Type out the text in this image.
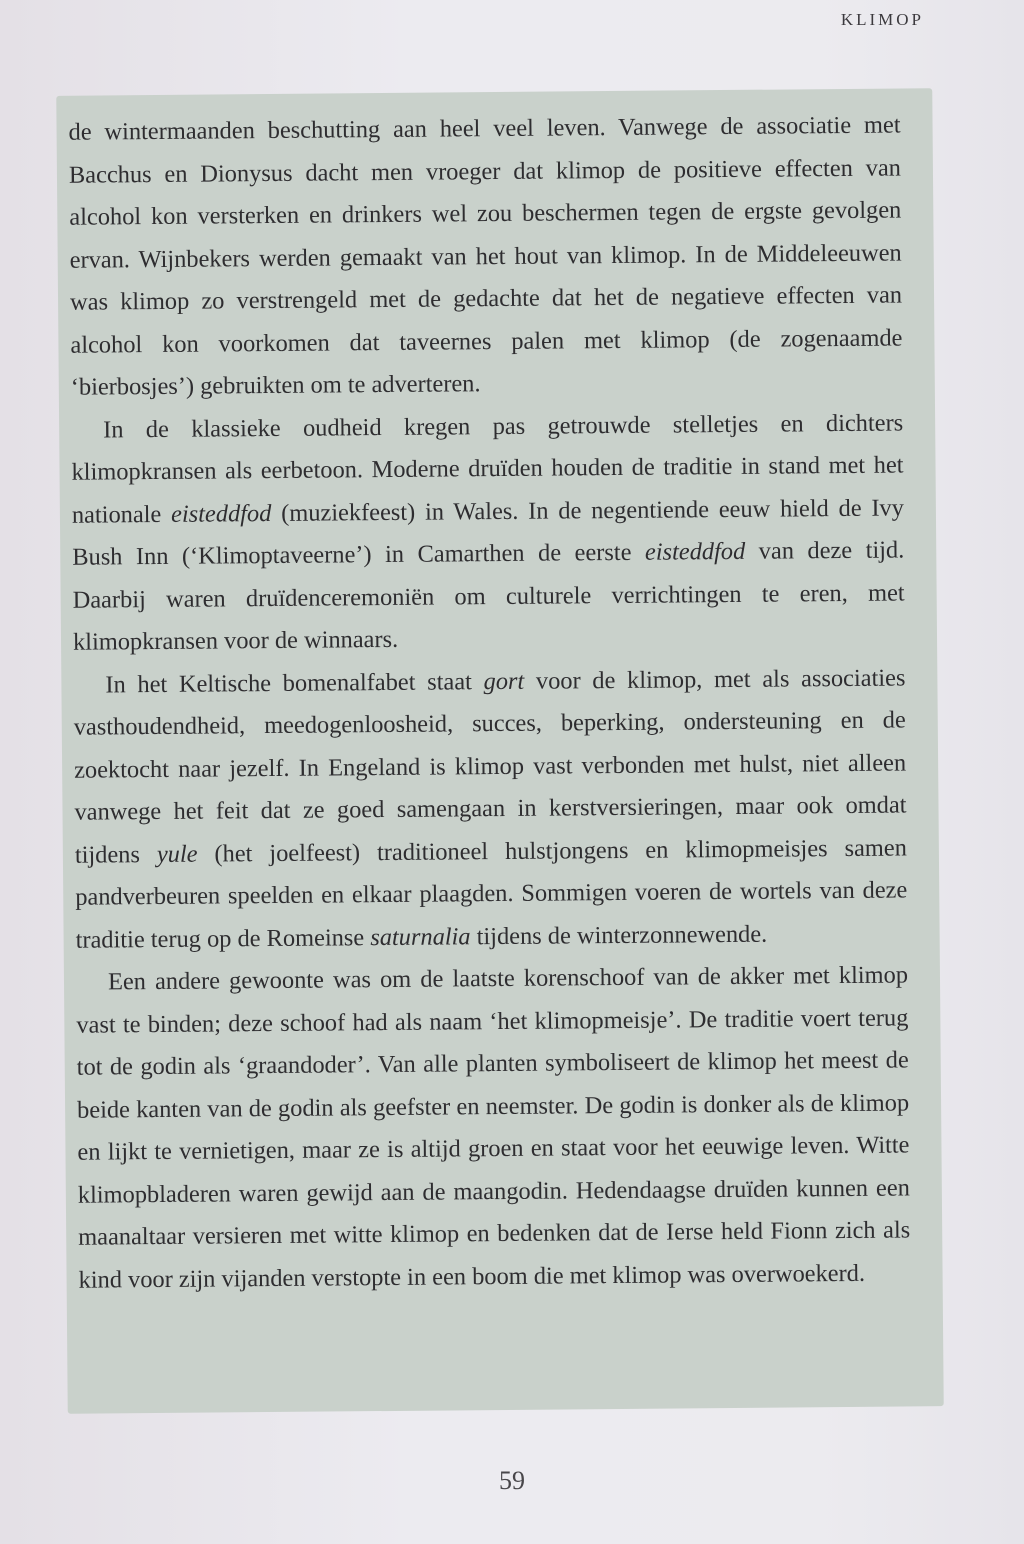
KLIMOP

de wintermaanden beschutting aan heel veel leven. Vanwege de associatie met Bacchus en Dionysus dacht men vroeger dat klimop de positieve effecten van alcohol kon versterken en drinkers wel zou beschermen tegen de ergste gevolgen ervan. Wijnbekers werden gemaakt van het hout van klimop. In de Middeleeuwen was klimop zo verstrengeld met de gedachte dat het de negatieve effecten van alcohol kon voorkomen dat taveernes palen met klimop (de zogenaamde ‘bierbosjes’) gebruikten om te adverteren.

In de klassieke oudheid kregen pas getrouwde stelletjes en dichters klimopkransen als eerbetoon. Moderne druïden houden de traditie in stand met het nationale eisteddfod (muziekfeest) in Wales. In de negentiende eeuw hield de Ivy Bush Inn (‘Klimoptaveerne’) in Camarthen de eerste eisteddfod van deze tijd. Daarbij waren druïdenceremoniën om culturele verrichtingen te eren, met klimopkransen voor de winnaars.

In het Keltische bomenalfabet staat gort voor de klimop, met als associaties vasthoudendheid, meedogenloosheid, succes, beperking, ondersteuning en de zoektocht naar jezelf. In Engeland is klimop vast verbonden met hulst, niet alleen vanwege het feit dat ze goed samengaan in kerstversieringen, maar ook omdat tijdens yule (het joelfeest) traditioneel hulstjongens en klimopmeisjes samen pandverbeuren speelden en elkaar plaagden. Sommigen voeren de wortels van deze traditie terug op de Romeinse saturnalia tijdens de winterzonnewende.

Een andere gewoonte was om de laatste korenschoof van de akker met klimop vast te binden; deze schoof had als naam ‘het klimopmeisje’. De traditie voert terug tot de godin als ‘graandoder’. Van alle planten symboliseert de klimop het meest de beide kanten van de godin als geefster en neemster. De godin is donker als de klimop en lijkt te vernietigen, maar ze is altijd groen en staat voor het eeuwige leven. Witte klimopbladeren waren gewijd aan de maangodin. Hedendaagse druïden kunnen een maanaltaar versieren met witte klimop en bedenken dat de Ierse held Fionn zich als kind voor zijn vijanden verstopte in een boom die met klimop was overwoekerd.

59
